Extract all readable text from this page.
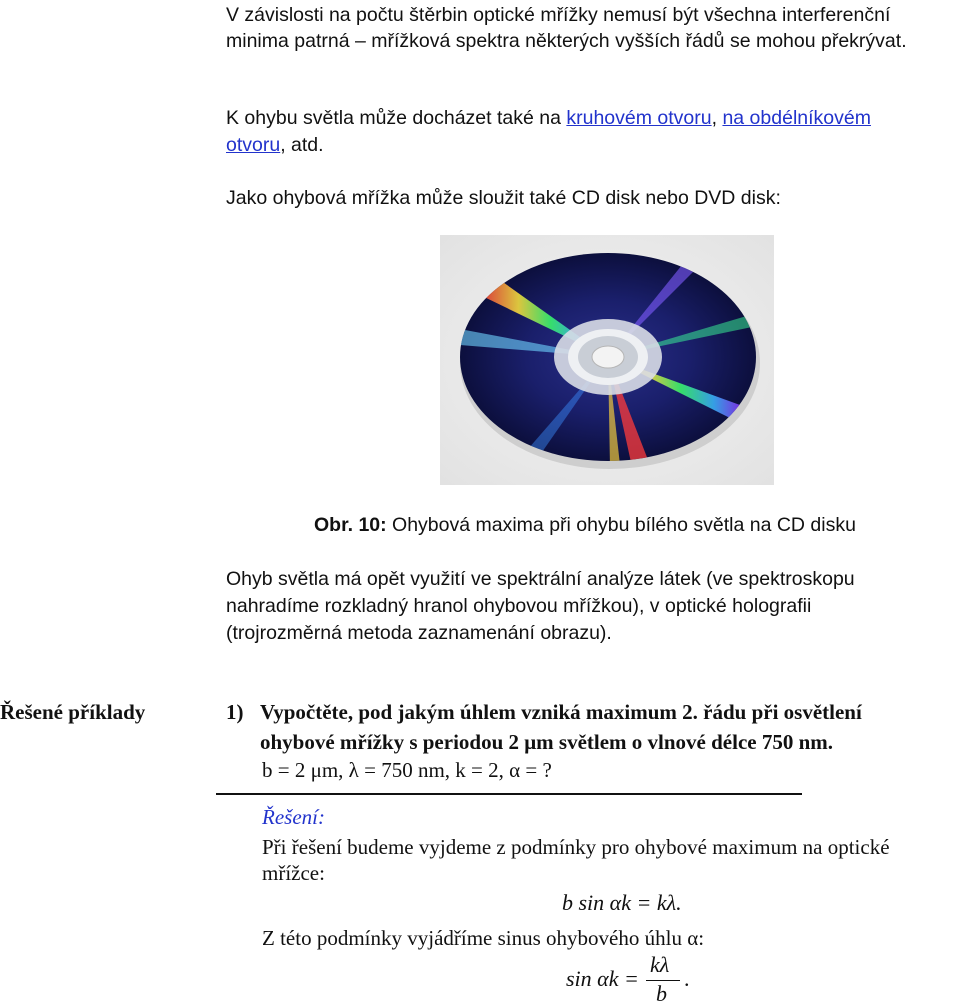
V závislosti na počtu štěrbin optické mřížky nemusí být všechna interferenční
minima patrná – mřížková spektra některých vyšších řádů se mohou překrývat.
K ohybu světla může docházet také na kruhovém otvoru, na obdélníkovém
otvoru, atd.
Jako ohybová mřížka může sloužit také CD disk nebo DVD disk:
Obr. 10: Ohybová maxima při ohybu bílého světla na CD disku
Ohyb světla má opět využití ve spektrální analýze látek (ve spektroskopu
nahradíme rozkladný hranol ohybovou mřížkou), v optické holografii
(trojrozměrná metoda zaznamenání obrazu).
Řešené příklady	1) Vypočtěte, pod jakým úhlem vzniká maximum 2. řádu při osvětlení
ohybové mřížky s periodou 2 μm světlem o vlnové délce 750 nm.
b = 2 μm, λ = 750 nm, k = 2, α = ?
Řešení:
Při řešení budeme vyjdeme z podmínky pro ohybové maximum na optické
mřížce:
b sin αk = kλ.
Z této podmínky vyjádříme sinus ohybového úhlu α:
sin αk =
kλ
b
.
